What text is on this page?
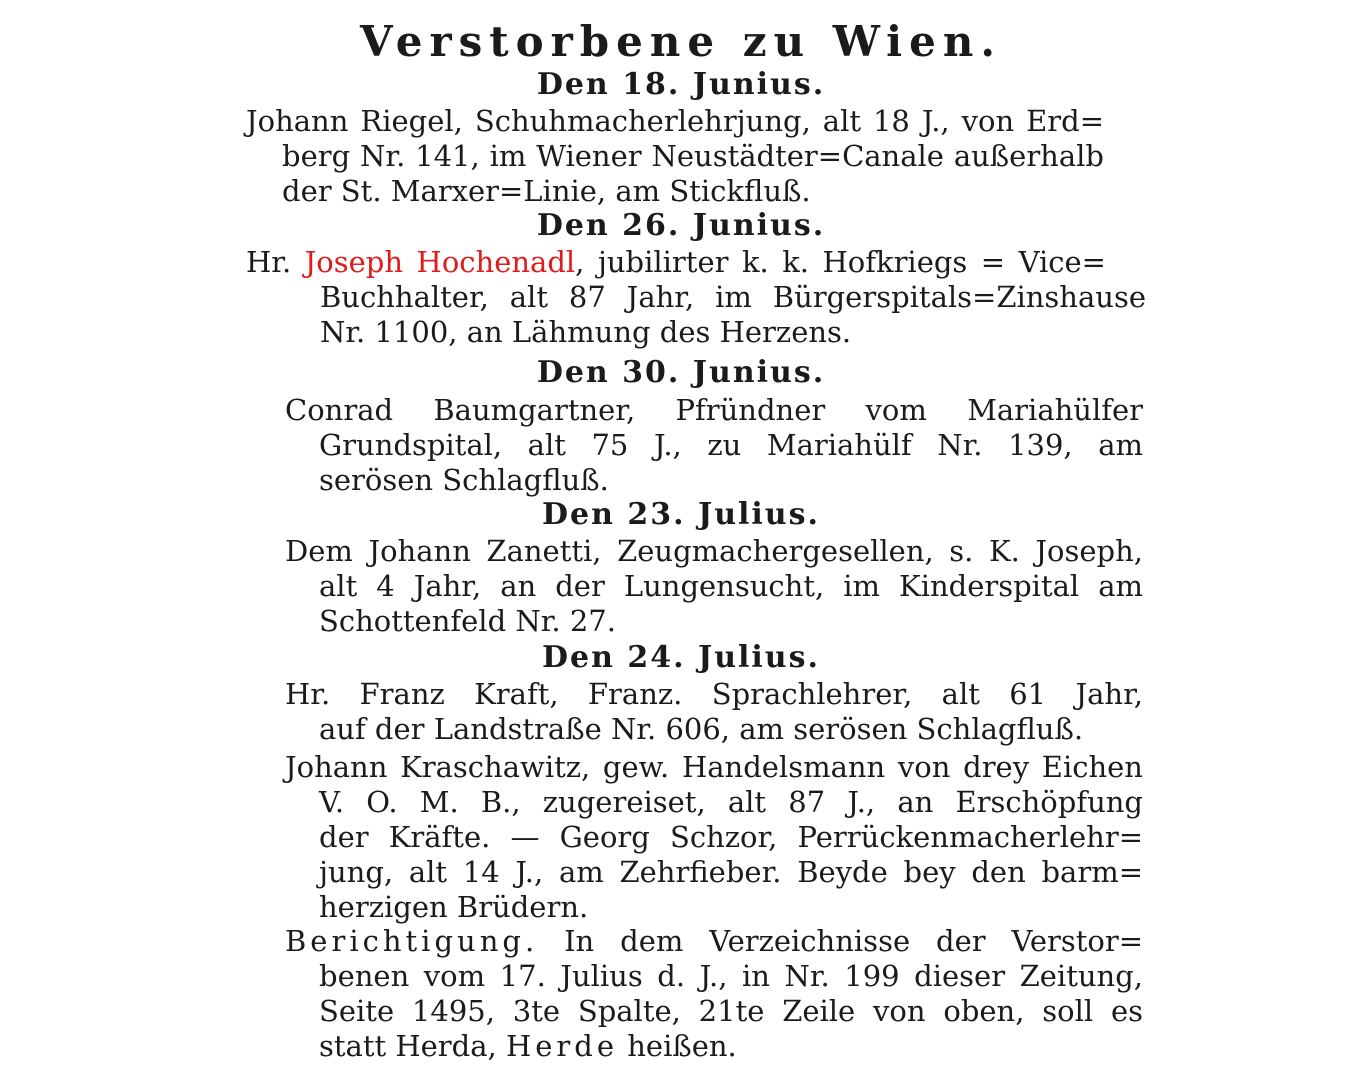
Verstorbene zu Wien.
Den 18. Junius.
Johann Riegel, Schuhmacherlehrjung, alt 18 J., von Erd=
berg Nr. 141, im Wiener Neustädter=Canale außerhalb
der St. Marxer=Linie, am Stickfluß.
Den 26. Junius.
Hr. Joseph Hochenadl, jubilirter k. k. Hofkriegs = Vice=
Buchhalter, alt 87 Jahr, im Bürgerspitals=Zinshause
Nr. 1100, an Lähmung des Herzens.
Den 30. Junius.
Conrad Baumgartner, Pfründner vom Mariahülfer
Grundspital, alt 75 J., zu Mariahülf Nr. 139, am
serösen Schlagfluß.
Den 23. Julius.
Dem Johann Zanetti, Zeugmachergesellen, s. K. Joseph,
alt 4 Jahr, an der Lungensucht, im Kinderspital am
Schottenfeld Nr. 27.
Den 24. Julius.
Hr. Franz Kraft, Franz. Sprachlehrer, alt 61 Jahr,
auf der Landstraße Nr. 606, am serösen Schlagfluß.
Johann Kraschawitz, gew. Handelsmann von drey Eichen
V. O. M. B., zugereiset, alt 87 J., an Erschöpfung
der Kräfte. — Georg Schzor, Perrückenmacherlehr=
jung, alt 14 J., am Zehrfieber. Beyde bey den barm=
herzigen Brüdern.
Berichtigung. In dem Verzeichnisse der Verstor=
benen vom 17. Julius d. J., in Nr. 199 dieser Zeitung,
Seite 1495, 3te Spalte, 21te Zeile von oben, soll es
statt Herda, Herde heißen.
